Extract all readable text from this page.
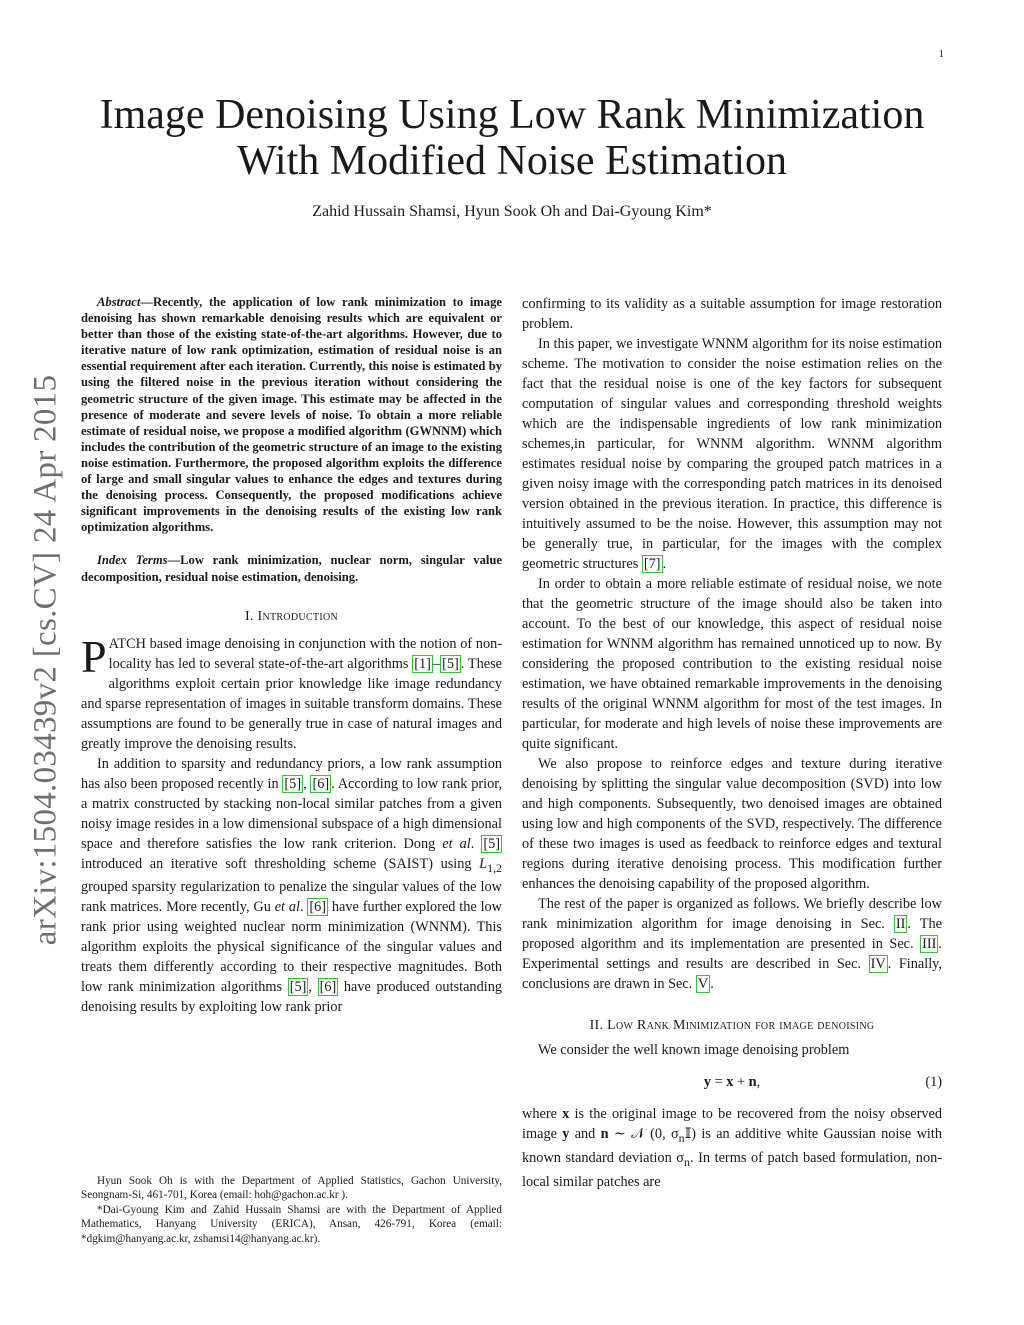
1
arXiv:1504.03439v2 [cs.CV] 24 Apr 2015
Image Denoising Using Low Rank Minimization
With Modified Noise Estimation
Zahid Hussain Shamsi, Hyun Sook Oh and Dai-Gyoung Kim*

Abstract—Recently, the application of low rank minimization to image denoising has shown remarkable denoising results which are equivalent or better than those of the existing state-of-the-art algorithms. However, due to iterative nature of low rank optimization, estimation of residual noise is an essential requirement after each iteration. Currently, this noise is estimated by using the filtered noise in the previous iteration without considering the geometric structure of the given image. This estimate may be affected in the presence of moderate and severe levels of noise. To obtain a more reliable estimate of residual noise, we propose a modified algorithm (GWNNM) which includes the contribution of the geometric structure of an image to the existing noise estimation. Furthermore, the proposed algorithm exploits the difference of large and small singular values to enhance the edges and textures during the denoising process. Consequently, the proposed modifications achieve significant improvements in the denoising results of the existing low rank optimization algorithms.

Index Terms—Low rank minimization, nuclear norm, singular value decomposition, residual noise estimation, denoising.

I. Introduction

PATCH based image denoising in conjunction with the notion of non-locality has led to several state-of-the-art algorithms [1] – [5] . These algorithms exploit certain prior knowledge like image redundancy and sparse representation of images in suitable transform domains. These assumptions are found to be generally true in case of natural images and greatly improve the denoising results.

In addition to sparsity and redundancy priors, a low rank assumption has also been proposed recently in [5] , [6] . According to low rank prior, a matrix constructed by stacking non-local similar patches from a given noisy image resides in a low dimensional subspace of a high dimensional space and therefore satisfies the low rank criterion. Dong et al. [5] introduced an iterative soft thresholding scheme (SAIST) using $L_{1,2}$ grouped sparsity regularization to penalize the singular values of the low rank matrices. More recently, Gu et al. [6] have further explored the low rank prior using weighted nuclear norm minimization (WNNM). This algorithm exploits the physical significance of the singular values and treats them differently according to their respective magnitudes. Both low rank minimization algorithms [5] , [6] have produced outstanding denoising results by exploiting low rank prior

confirming to its validity as a suitable assumption for image restoration problem.

In this paper, we investigate WNNM algorithm for its noise estimation scheme. The motivation to consider the noise estimation relies on the fact that the residual noise is one of the key factors for subsequent computation of singular values and corresponding threshold weights which are the indispensable ingredients of low rank minimization schemes,in particular, for WNNM algorithm. WNNM algorithm estimates residual noise by comparing the grouped patch matrices in a given noisy image with the corresponding patch matrices in its denoised version obtained in the previous iteration. In practice, this difference is intuitively assumed to be the noise. However, this assumption may not be generally true, in particular, for the images with the complex geometric structures [7] .

In order to obtain a more reliable estimate of residual noise, we note that the geometric structure of the image should also be taken into account. To the best of our knowledge, this aspect of residual noise estimation for WNNM algorithm has remained unnoticed up to now. By considering the proposed contribution to the existing residual noise estimation, we have obtained remarkable improvements in the denoising results of the original WNNM algorithm for most of the test images. In particular, for moderate and high levels of noise these improvements are quite significant.

We also propose to reinforce edges and texture during iterative denoising by splitting the singular value decomposition (SVD) into low and high components. Subsequently, two denoised images are obtained using low and high components of the SVD, respectively. The difference of these two images is used as feedback to reinforce edges and textural regions during iterative denoising process. This modification further enhances the denoising capability of the proposed algorithm.

The rest of the paper is organized as follows. We briefly describe low rank minimization algorithm for image denoising in Sec. II . The proposed algorithm and its implementation are presented in Sec. III . Experimental settings and results are described in Sec. IV . Finally, conclusions are drawn in Sec. V .

II. Low Rank Minimization for image denoising

We consider the well known image denoising problem

y = x + n,	(1)

where x is the original image to be recovered from the noisy observed image y and n ∼ 𝒩 (0, $\sigma_n𝕀$) is an additive white Gaussian noise with known standard deviation $\sigma_n$. In terms of patch based formulation, non-local similar patches are

Hyun Sook Oh is with the Department of Applied Statistics, Gachon University, Seongnam-Si, 461-701, Korea (email: hoh@gachon.ac.kr ).

*Dai-Gyoung Kim and Zahid Hussain Shamsi are with the Department of Applied Mathematics, Hanyang University (ERICA), Ansan, 426-791, Korea (email: *dgkim@hanyang.ac.kr, zshamsi14@hanyang.ac.kr).
